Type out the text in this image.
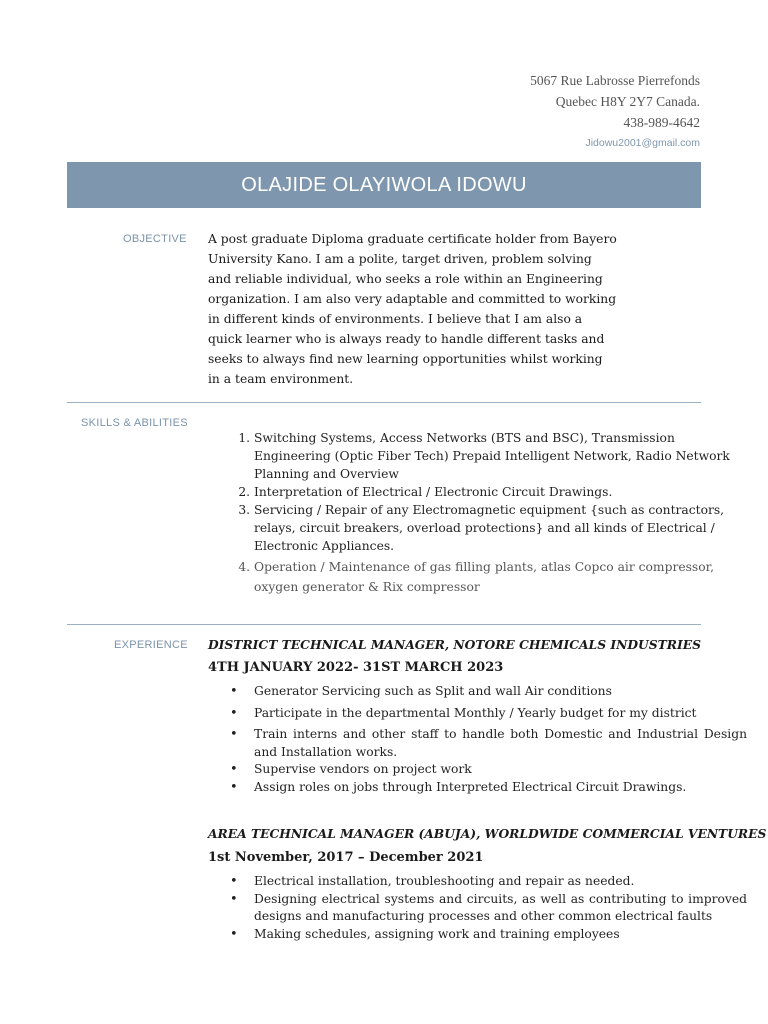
5067 Rue Labrosse Pierrefonds
Quebec H8Y 2Y7 Canada.
438-989-4642
Jidowu2001@gmail.com
OLAJIDE OLAYIWOLA IDOWU
OBJECTIVE A post graduate Diploma graduate certificate holder from Bayero University Kano. I am a polite, target driven, problem solving and reliable individual, who seeks a role within an Engineering organization. I am also very adaptable and committed to working in different kinds of environments. I believe that I am also a quick learner who is always ready to handle different tasks and seeks to always find new learning opportunities whilst working in a team environment.
SKILLS & ABILITIES
1. Switching Systems, Access Networks (BTS and BSC), Transmission Engineering (Optic Fiber Tech) Prepaid Intelligent Network, Radio Network Planning and Overview
2. Interpretation of Electrical / Electronic Circuit Drawings.
3. Servicing / Repair of any Electromagnetic equipment {such as contractors, relays, circuit breakers, overload protections} and all kinds of Electrical / Electronic Appliances.
4. Operation / Maintenance of gas filling plants, atlas Copco air compressor, oxygen generator & Rix compressor
EXPERIENCE DISTRICT TECHNICAL MANAGER, NOTORE CHEMICALS INDUSTRIES
4TH JANUARY 2022- 31ST MARCH 2023
• Generator Servicing such as Split and wall Air conditions
• Participate in the departmental Monthly / Yearly budget for my district
• Train interns and other staff to handle both Domestic and Industrial Design and Installation works.
• Supervise vendors on project work
• Assign roles on jobs through Interpreted Electrical Circuit Drawings.
AREA TECHNICAL MANAGER (ABUJA), WORLDWIDE COMMERCIAL VENTURES
1st November, 2017 – December 2021
• Electrical installation, troubleshooting and repair as needed.
• Designing electrical systems and circuits, as well as contributing to improved designs and manufacturing processes and other common electrical faults
• Making schedules, assigning work and training employees
